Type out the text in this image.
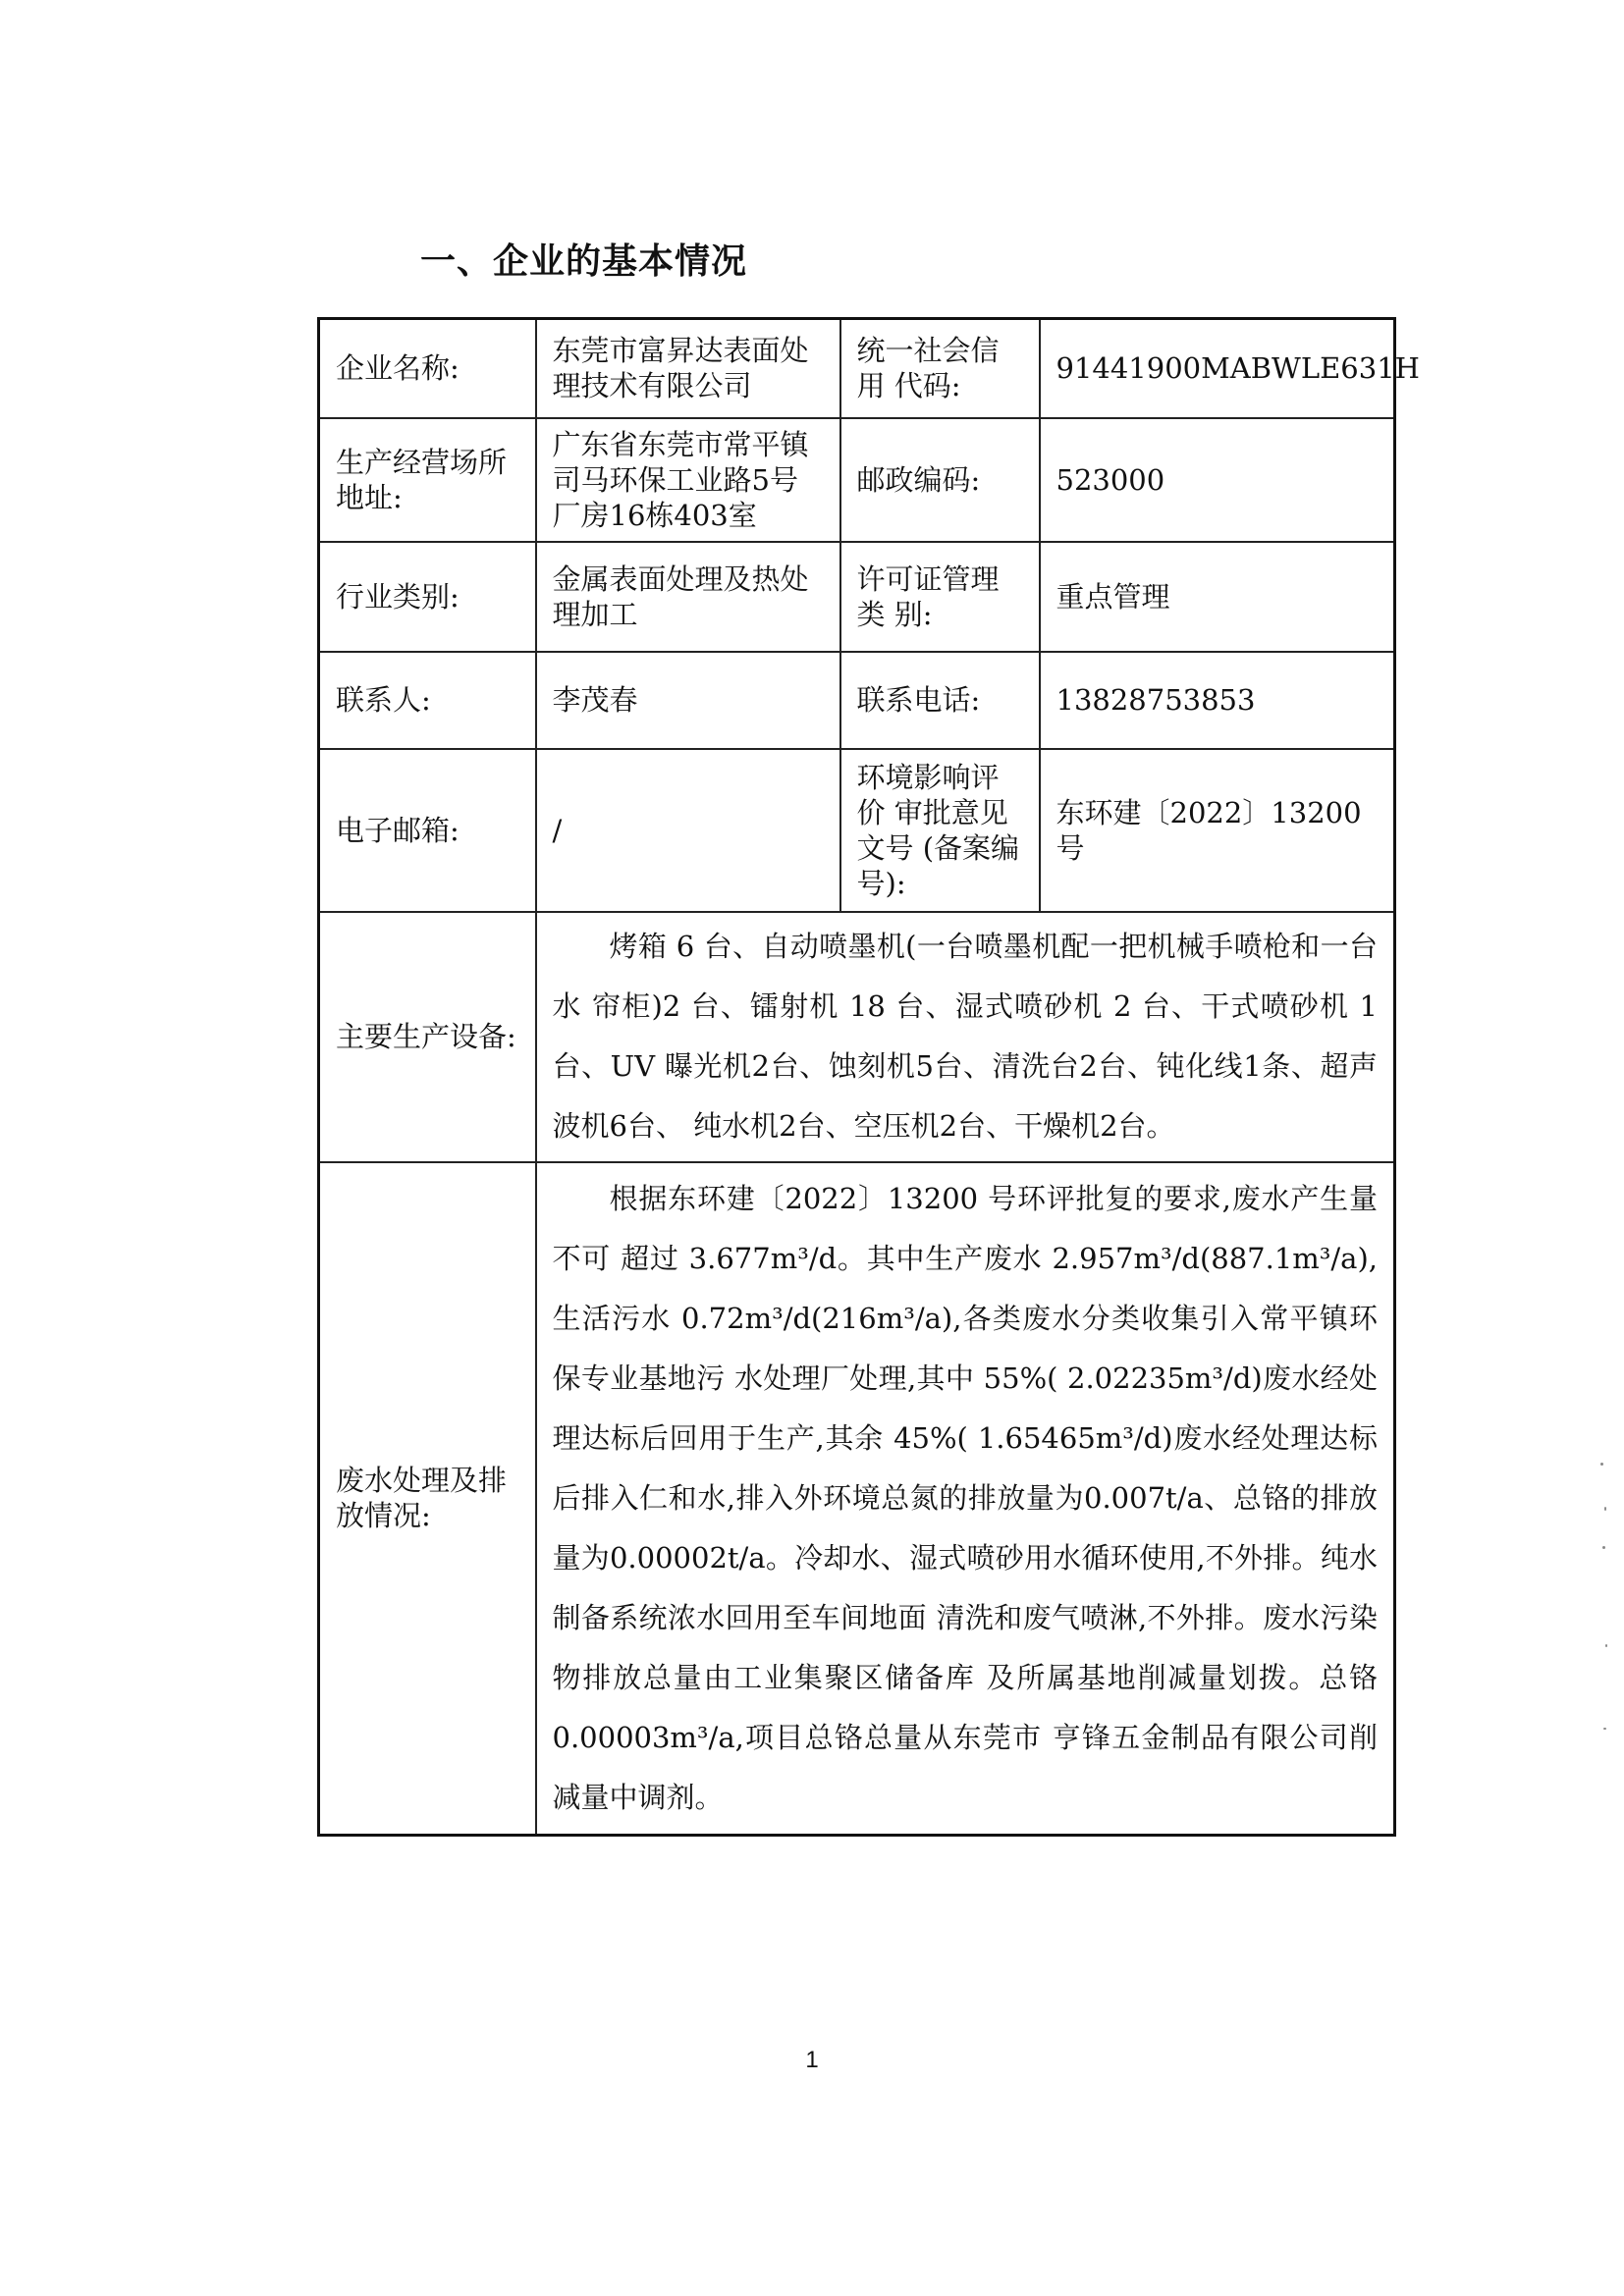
一、企业的基本情况
企业名称:	东莞市富昇达表面处 理技术有限公司	统一社会信用 代码:	91441900MABWLE631H
生产经营场所 地址:	广东省东莞市常平镇 司马环保工业路5号 厂房16栋403室	邮政编码:	523000
行业类别:	金属表面处理及热处 理加工	许可证管理类 别:	重点管理
联系人:	李茂春	联系电话:	13828753853
电子邮箱:	/	环境影响评价 审批意见文号 (备案编号):	东环建〔2022〕13200 号
主要生产设备:	烤箱 6 台、自动喷墨机(一台喷墨机配一把机械手喷枪和一台水 帘柜)2 台、镭射机 18 台、湿式喷砂机 2 台、干式喷砂机 1 台、UV 曝光机2台、蚀刻机5台、清洗台2台、钝化线1条、超声波机6台、 纯水机2台、空压机2台、干燥机2台。		

废水处理及排 放情况:	根据东环建〔2022〕13200 号环评批复的要求,废水产生量不可 超过 3.677m³/d。其中生产废水 2.957m³/d(887.1m³/a),生活污水 0.72m³/d(216m³/a),各类废水分类收集引入常平镇环保专业基地污 水处理厂处理,其中 55%( 2.02235m³/d)废水经处理达标后回用于生产,其余 45%( 1.65465m³/d)废水经处理达标后排入仁和水,排入外环境总氮的排放量为0.007t/a、总铬的排放量为0.00002t/a。冷却水、湿式喷砂用水循环使用,不外排。纯水制备系统浓水回用至车间地面 清洗和废气喷淋,不外排。废水污染物排放总量由工业集聚区储备库 及所属基地削减量划拨。总铬 0.00003m³/a,项目总铬总量从东莞市 亨锋五金制品有限公司削减量中调剂。		

1
